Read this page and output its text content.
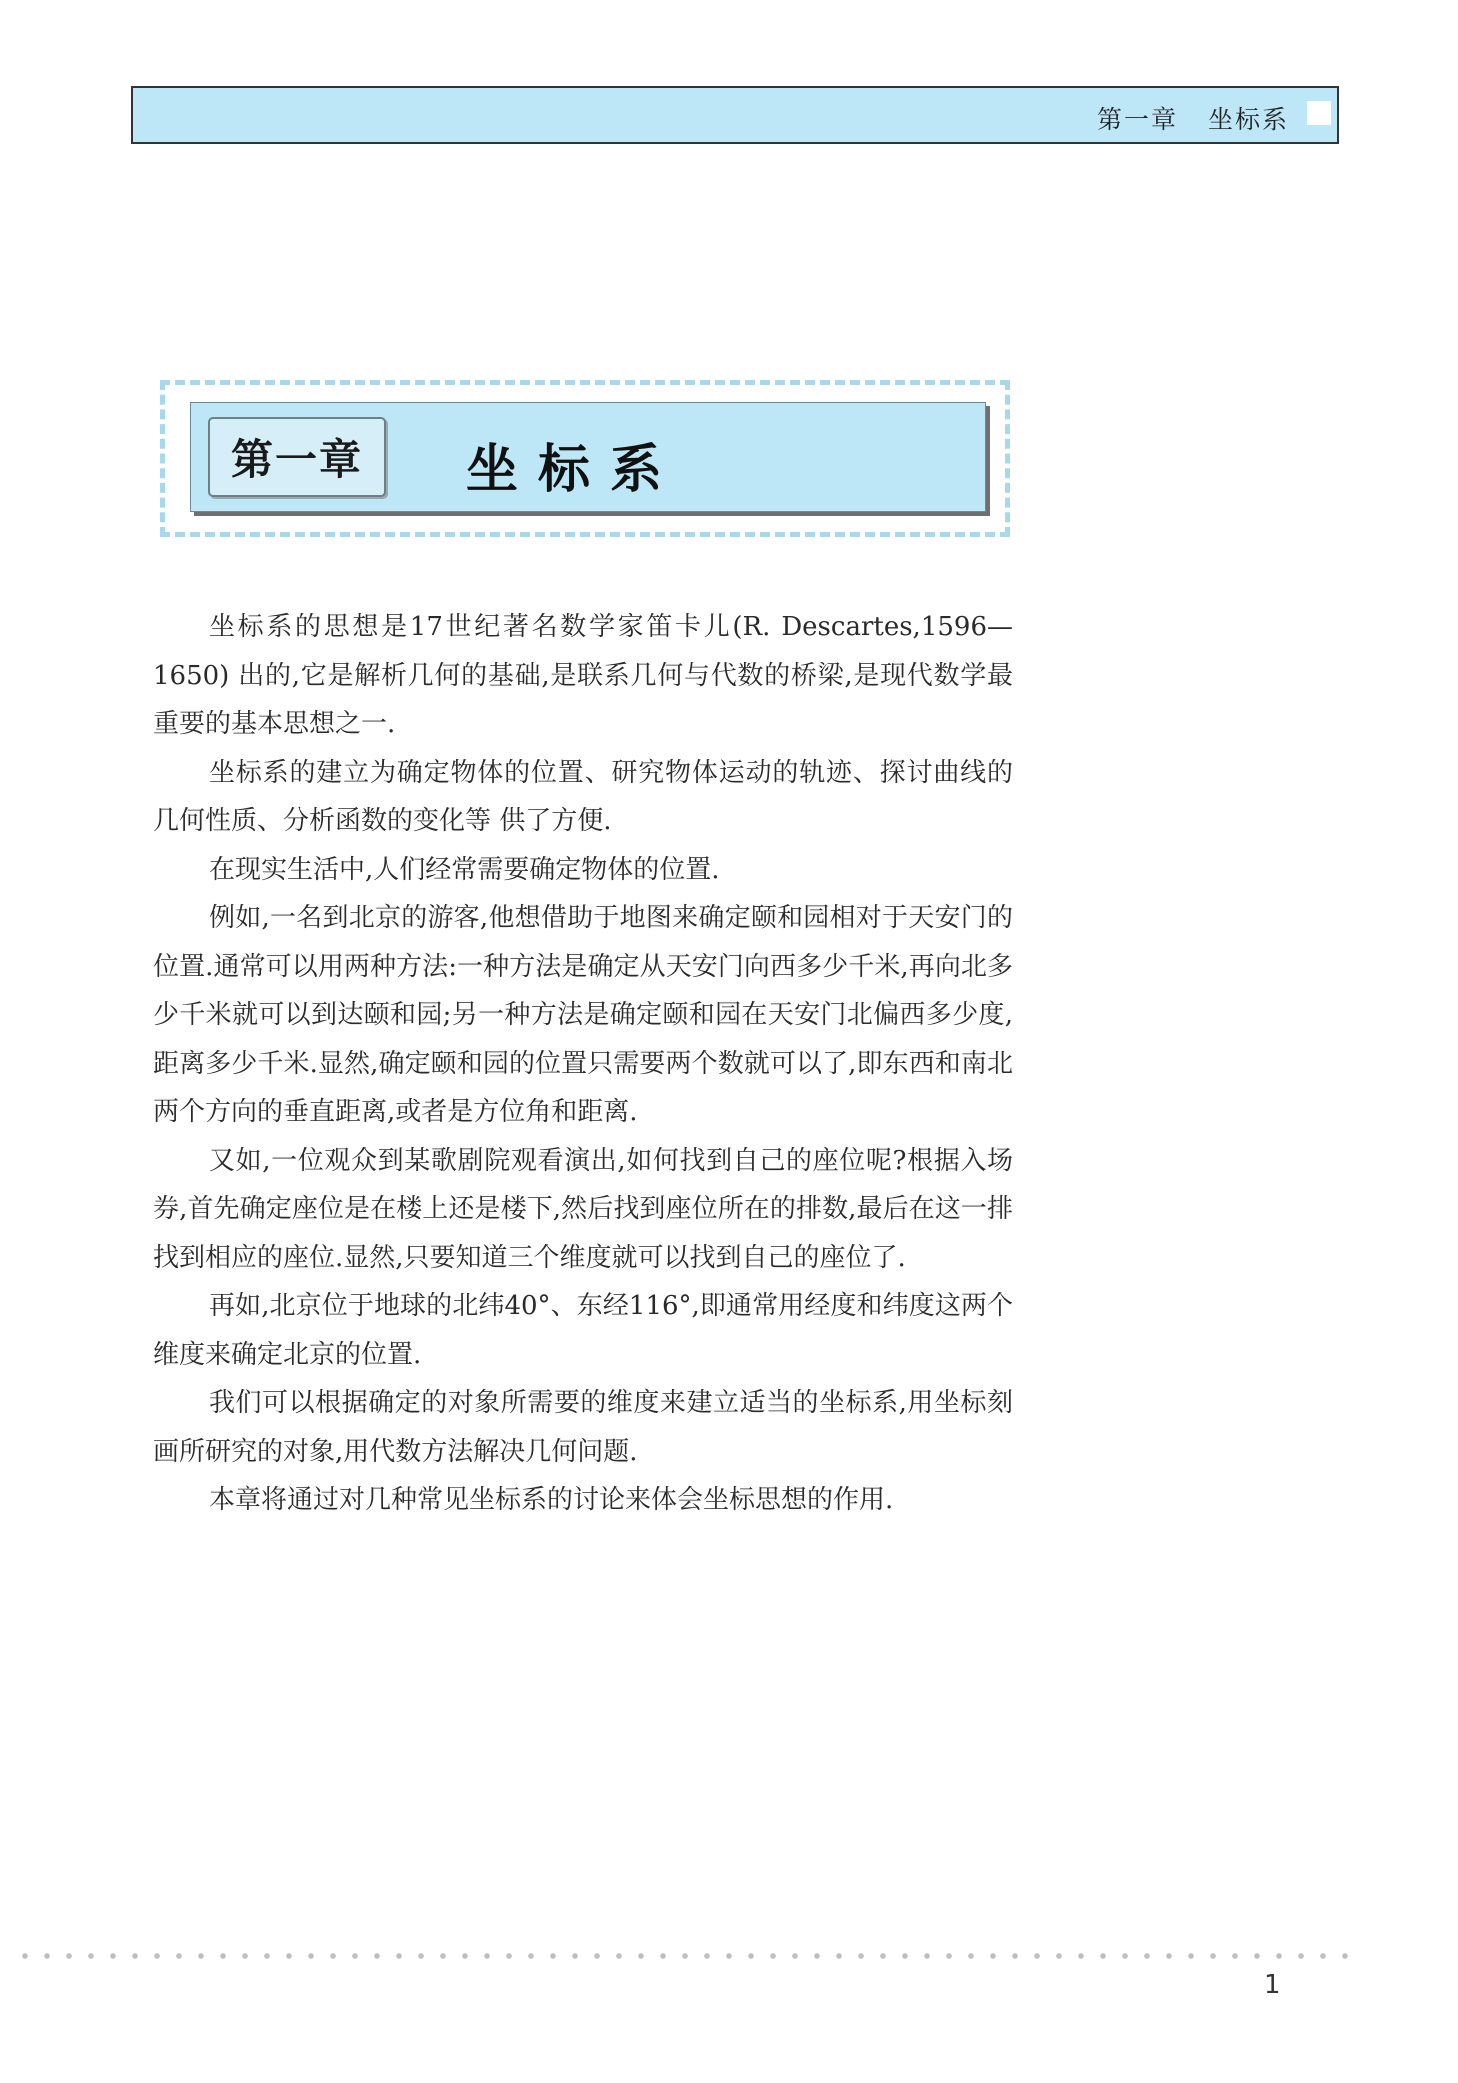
第一章 坐标系
第一章 坐标系

坐标系的思想是17世纪著名数学家笛卡儿(R. Descartes,1596—1650) 出的,它是解析几何的基础,是联系几何与代数的桥梁,是现代数学最重要的基本思想之一.

坐标系的建立为确定物体的位置、研究物体运动的轨迹、探讨曲线的几何性质、分析函数的变化等 供了方便.

在现实生活中,人们经常需要确定物体的位置.

例如,一名到北京的游客,他想借助于地图来确定颐和园相对于天安门的位置.通常可以用两种方法:一种方法是确定从天安门向西多少千米,再向北多少千米就可以到达颐和园;另一种方法是确定颐和园在天安门北偏西多少度,距离多少千米.显然,确定颐和园的位置只需要两个数就可以了,即东西和南北两个方向的垂直距离,或者是方位角和距离.

又如,一位观众到某歌剧院观看演出,如何找到自己的座位呢?根据入场券,首先确定座位是在楼上还是楼下,然后找到座位所在的排数,最后在这一排找到相应的座位.显然,只要知道三个维度就可以找到自己的座位了.

再如,北京位于地球的北纬40°、东经116°,即通常用经度和纬度这两个维度来确定北京的位置.

我们可以根据确定的对象所需要的维度来建立适当的坐标系,用坐标刻画所研究的对象,用代数方法解决几何问题.

本章将通过对几种常见坐标系的讨论来体会坐标思想的作用.

1
